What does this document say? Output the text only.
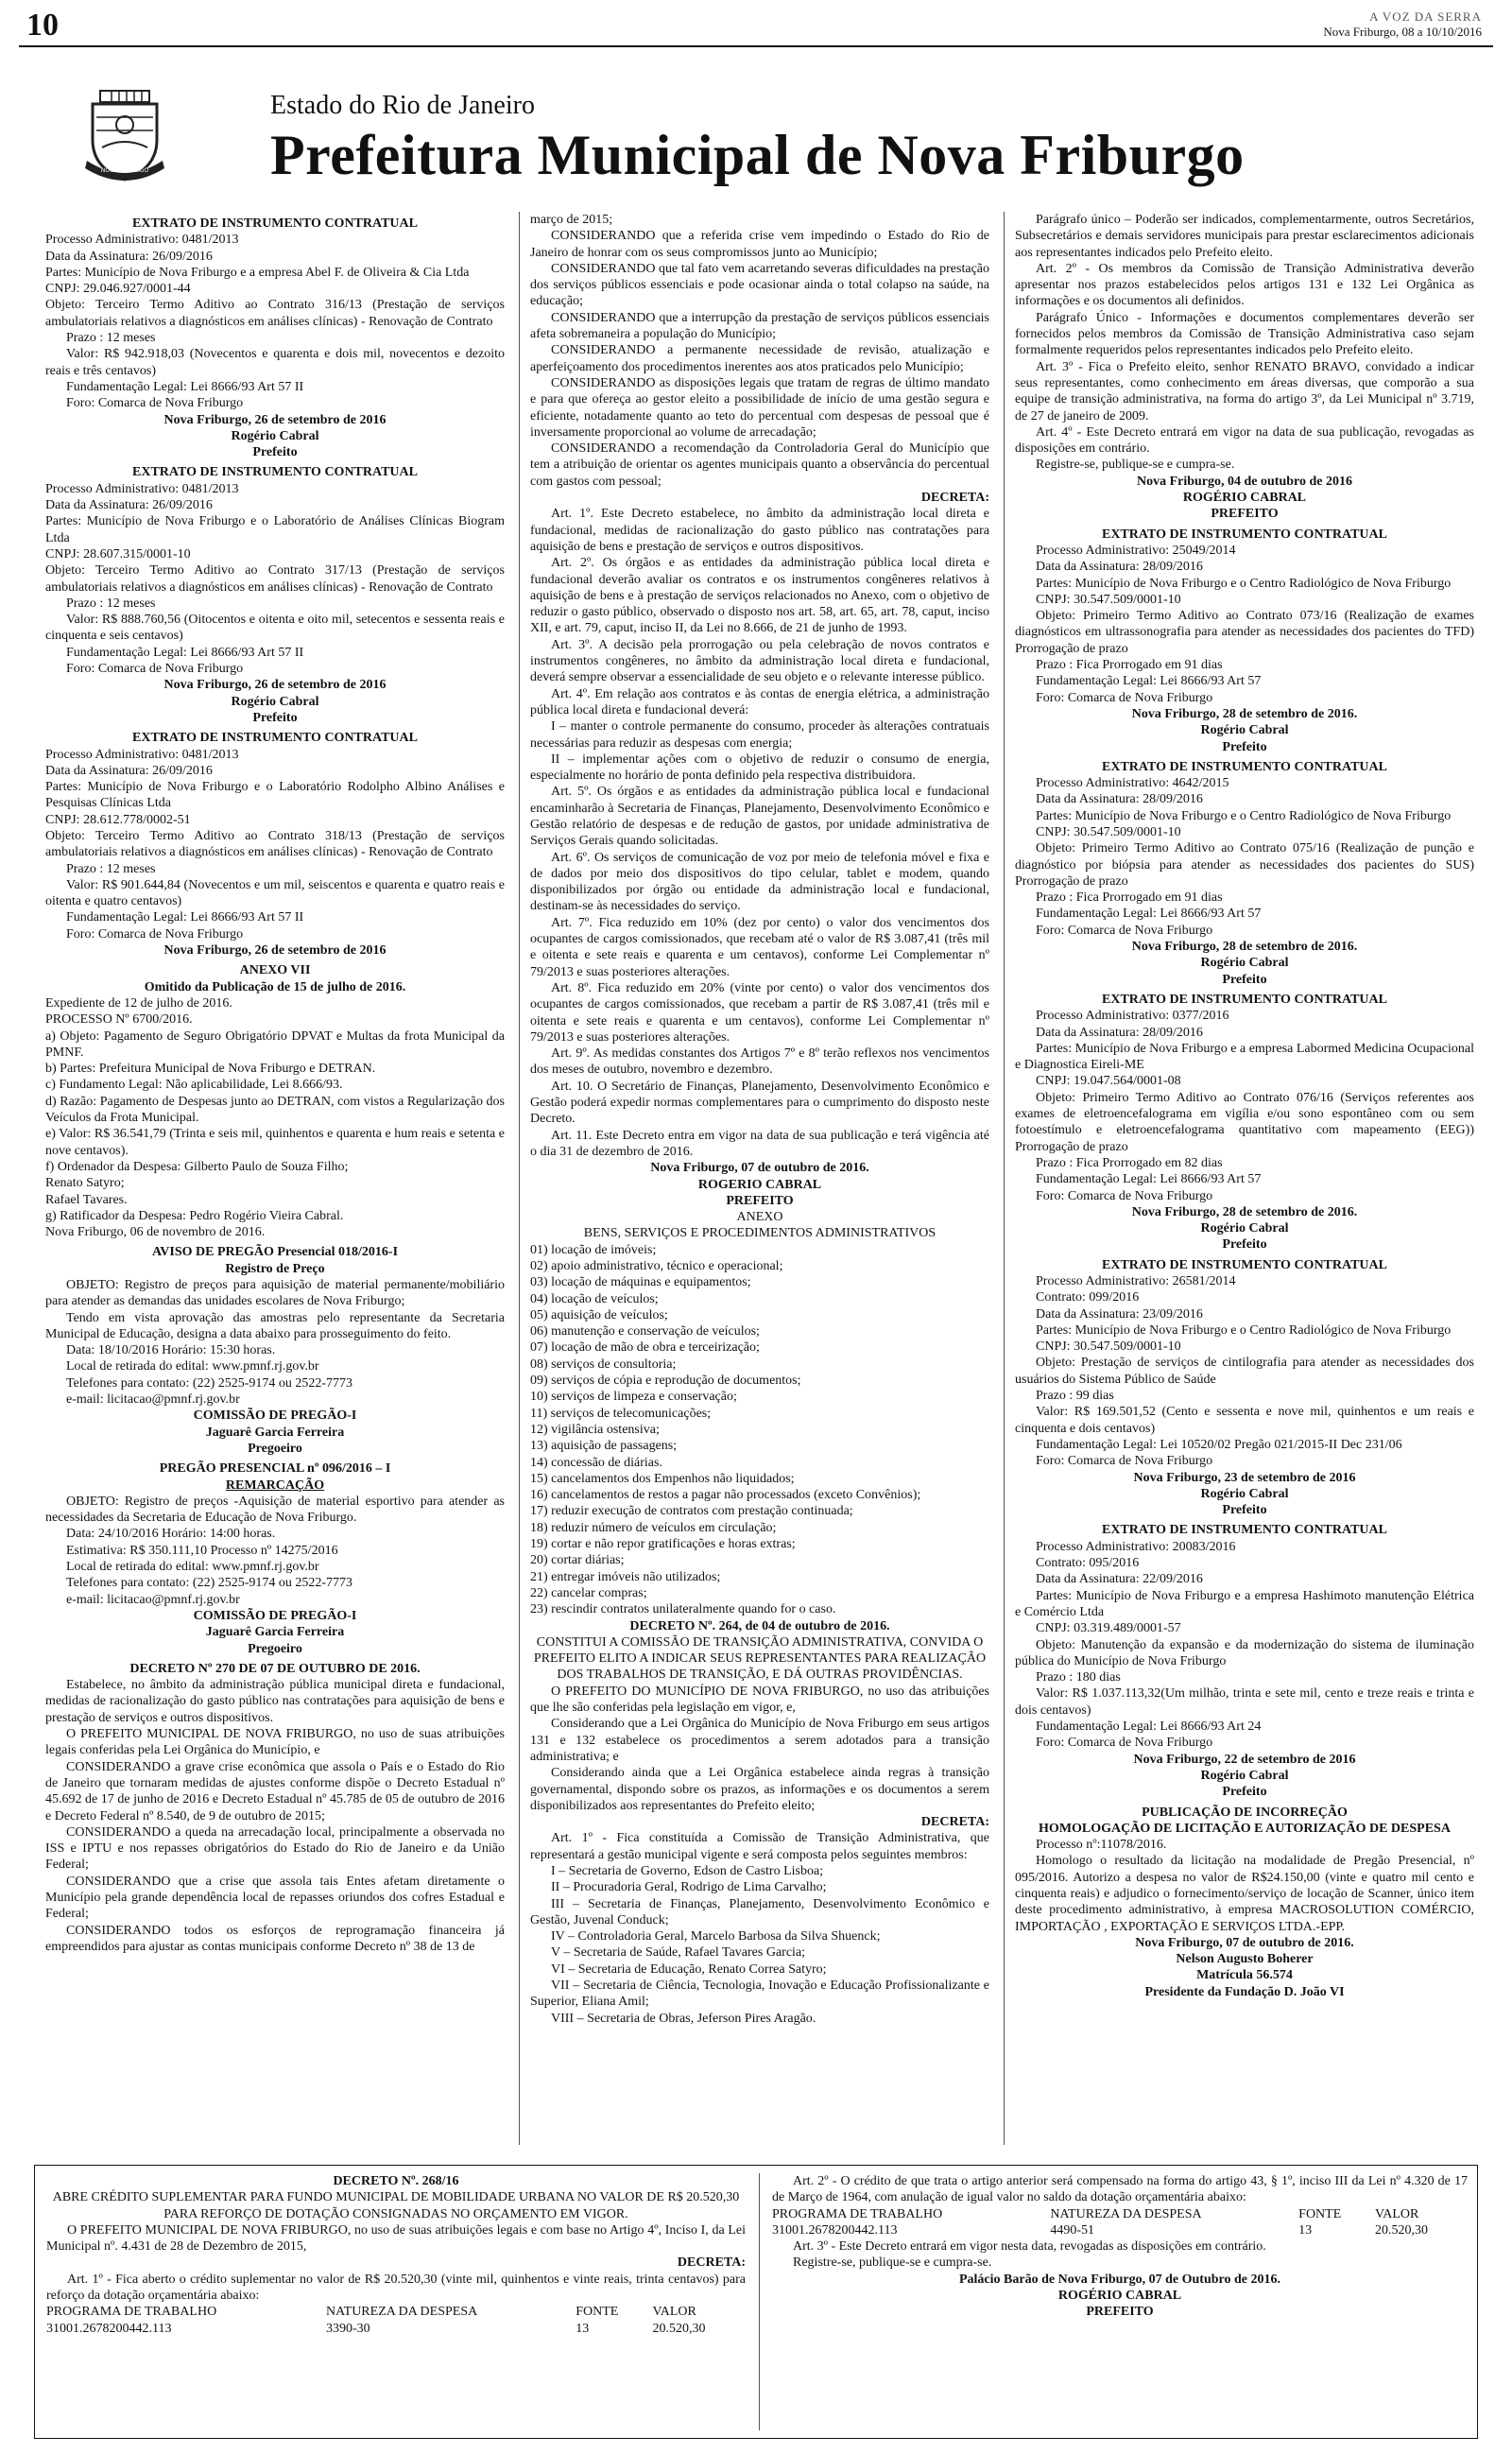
10	A VOZ DA SERRA
Nova Friburgo, 08 a 10/10/2016
NOVA FRIBURGO
Estado do Rio de Janeiro
Prefeitura Municipal de Nova Friburgo

EXTRATO DE INSTRUMENTO CONTRATUAL

Processo Administrativo: 0481/2013

Data da Assinatura: 26/09/2016

Partes: Município de Nova Friburgo e a empresa Abel F. de Oliveira & Cia Ltda

CNPJ: 29.046.927/0001-44

Objeto: Terceiro Termo Aditivo ao Contrato 316/13 (Prestação de serviços ambulatoriais relativos a diagnósticos em análises clínicas) - Renovação de Contrato

Prazo : 12 meses

Valor: R$ 942.918,03 (Novecentos e quarenta e dois mil, novecentos e dezoito reais e três centavos)

Fundamentação Legal: Lei 8666/93 Art 57 II

Foro: Comarca de Nova Friburgo

Nova Friburgo, 26 de setembro de 2016

Rogério Cabral

Prefeito

EXTRATO DE INSTRUMENTO CONTRATUAL

Processo Administrativo: 0481/2013

Data da Assinatura: 26/09/2016

Partes: Município de Nova Friburgo e o Laboratório de Análises Clínicas Biogram Ltda

CNPJ: 28.607.315/0001-10

Objeto: Terceiro Termo Aditivo ao Contrato 317/13 (Prestação de serviços ambulatoriais relativos a diagnósticos em análises clínicas) - Renovação de Contrato

Prazo : 12 meses

Valor: R$ 888.760,56 (Oitocentos e oitenta e oito mil, setecentos e sessenta reais e cinquenta e seis centavos)

Fundamentação Legal: Lei 8666/93 Art 57 II

Foro: Comarca de Nova Friburgo

Nova Friburgo, 26 de setembro de 2016

Rogério Cabral

Prefeito

EXTRATO DE INSTRUMENTO CONTRATUAL

Processo Administrativo: 0481/2013

Data da Assinatura: 26/09/2016

Partes: Município de Nova Friburgo e o Laboratório Rodolpho Albino Análises e Pesquisas Clínicas Ltda

CNPJ: 28.612.778/0002-51

Objeto: Terceiro Termo Aditivo ao Contrato 318/13 (Prestação de serviços ambulatoriais relativos a diagnósticos em análises clínicas) - Renovação de Contrato

Prazo : 12 meses

Valor: R$ 901.644,84 (Novecentos e um mil, seiscentos e quarenta e quatro reais e oitenta e quatro centavos)

Fundamentação Legal: Lei 8666/93 Art 57 II

Foro: Comarca de Nova Friburgo

Nova Friburgo, 26 de setembro de 2016

ANEXO VII

Omitido da Publicação de 15 de julho de 2016.

Expediente de 12 de julho de 2016.

PROCESSO Nº 6700/2016.

a) Objeto: Pagamento de Seguro Obrigatório DPVAT e Multas da frota Municipal da PMNF.

b) Partes: Prefeitura Municipal de Nova Friburgo e DETRAN.

c) Fundamento Legal: Não aplicabilidade, Lei 8.666/93.

d) Razão: Pagamento de Despesas junto ao DETRAN, com vistos a Regularização dos Veículos da Frota Municipal.

e) Valor: R$ 36.541,79 (Trinta e seis mil, quinhentos e quarenta e hum reais e setenta e nove centavos).

f) Ordenador da Despesa: Gilberto Paulo de Souza Filho;

Renato Satyro;

Rafael Tavares.

g) Ratificador da Despesa: Pedro Rogério Vieira Cabral.

Nova Friburgo, 06 de novembro de 2016.

AVISO DE PREGÃO Presencial 018/2016-I

Registro de Preço

OBJETO: Registro de preços para aquisição de material permanente/mobiliário para atender as demandas das unidades escolares de Nova Friburgo;

Tendo em vista aprovação das amostras pelo representante da Secretaria Municipal de Educação, designa a data abaixo para prosseguimento do feito.

Data: 18/10/2016 Horário: 15:30 horas.

Local de retirada do edital: www.pmnf.rj.gov.br

Telefones para contato: (22) 2525-9174 ou 2522-7773

e-mail: licitacao@pmnf.rj.gov.br

COMISSÃO DE PREGÃO-I

Jaguarê Garcia Ferreira

Pregoeiro

PREGÃO PRESENCIAL nº 096/2016 – I

REMARCAÇÃO

OBJETO: Registro de preços -Aquisição de material esportivo para atender as necessidades da Secretaria de Educação de Nova Friburgo.

Data: 24/10/2016 Horário: 14:00 horas.

Estimativa: R$ 350.111,10 Processo nº 14275/2016

Local de retirada do edital: www.pmnf.rj.gov.br

Telefones para contato: (22) 2525-9174 ou 2522-7773

e-mail: licitacao@pmnf.rj.gov.br

COMISSÃO DE PREGÃO-I

Jaguarê Garcia Ferreira

Pregoeiro

DECRETO Nº 270 DE 07 DE OUTUBRO DE 2016.

Estabelece, no âmbito da administração pública municipal direta e fundacional, medidas de racionalização do gasto público nas contratações para aquisição de bens e prestação de serviços e outros dispositivos.

O PREFEITO MUNICIPAL DE NOVA FRIBURGO, no uso de suas atribuições legais conferidas pela Lei Orgânica do Município, e

CONSIDERANDO a grave crise econômica que assola o País e o Estado do Rio de Janeiro que tornaram medidas de ajustes conforme dispõe o Decreto Estadual nº 45.692 de 17 de junho de 2016 e Decreto Estadual nº 45.785 de 05 de outubro de 2016 e Decreto Federal nº 8.540, de 9 de outubro de 2015;

CONSIDERANDO a queda na arrecadação local, principalmente a observada no ISS e IPTU e nos repasses obrigatórios do Estado do Rio de Janeiro e da União Federal;

CONSIDERANDO que a crise que assola tais Entes afetam diretamente o Município pela grande dependência local de repasses oriundos dos cofres Estadual e Federal;

CONSIDERANDO todos os esforços de reprogramação financeira já empreendidos para ajustar as contas municipais conforme Decreto nº 38 de 13 de

março de 2015;

CONSIDERANDO que a referida crise vem impedindo o Estado do Rio de Janeiro de honrar com os seus compromissos junto ao Município;

CONSIDERANDO que tal fato vem acarretando severas dificuldades na prestação dos serviços públicos essenciais e pode ocasionar ainda o total colapso na saúde, na educação;

CONSIDERANDO que a interrupção da prestação de serviços públicos essenciais afeta sobremaneira a população do Município;

CONSIDERANDO a permanente necessidade de revisão, atualização e aperfeiçoamento dos procedimentos inerentes aos atos praticados pelo Município;

CONSIDERANDO as disposições legais que tratam de regras de último mandato e para que ofereça ao gestor eleito a possibilidade de início de uma gestão segura e eficiente, notadamente quanto ao teto do percentual com despesas de pessoal que é inversamente proporcional ao volume de arrecadação;

CONSIDERANDO a recomendação da Controladoria Geral do Município que tem a atribuição de orientar os agentes municipais quanto a observância do percentual com gastos com pessoal;

DECRETA:

Art. 1º. Este Decreto estabelece, no âmbito da administração local direta e fundacional, medidas de racionalização do gasto público nas contratações para aquisição de bens e prestação de serviços e outros dispositivos.

Art. 2º. Os órgãos e as entidades da administração pública local direta e fundacional deverão avaliar os contratos e os instrumentos congêneres relativos à aquisição de bens e à prestação de serviços relacionados no Anexo, com o objetivo de reduzir o gasto público, observado o disposto nos art. 58, art. 65, art. 78, caput, inciso XII, e art. 79, caput, inciso II, da Lei no 8.666, de 21 de junho de 1993.

Art. 3º. A decisão pela prorrogação ou pela celebração de novos contratos e instrumentos congêneres, no âmbito da administração local direta e fundacional, deverá sempre observar a essencialidade de seu objeto e o relevante interesse público.

Art. 4º. Em relação aos contratos e às contas de energia elétrica, a administração pública local direta e fundacional deverá:

I – manter o controle permanente do consumo, proceder às alterações contratuais necessárias para reduzir as despesas com energia;

II – implementar ações com o objetivo de reduzir o consumo de energia, especialmente no horário de ponta definido pela respectiva distribuidora.

Art. 5º. Os órgãos e as entidades da administração pública local e fundacional encaminharão à Secretaria de Finanças, Planejamento, Desenvolvimento Econômico e Gestão relatório de despesas e de redução de gastos, por unidade administrativa de Serviços Gerais quando solicitadas.

Art. 6º. Os serviços de comunicação de voz por meio de telefonia móvel e fixa e de dados por meio dos dispositivos do tipo celular, tablet e modem, quando disponibilizados por órgão ou entidade da administração local e fundacional, destinam-se às necessidades do serviço.

Art. 7º. Fica reduzido em 10% (dez por cento) o valor dos vencimentos dos ocupantes de cargos comissionados, que recebam até o valor de R$ 3.087,41 (três mil e oitenta e sete reais e quarenta e um centavos), conforme Lei Complementar nº 79/2013 e suas posteriores alterações.

Art. 8º. Fica reduzido em 20% (vinte por cento) o valor dos vencimentos dos ocupantes de cargos comissionados, que recebam a partir de R$ 3.087,41 (três mil e oitenta e sete reais e quarenta e um centavos), conforme Lei Complementar nº 79/2013 e suas posteriores alterações.

Art. 9º. As medidas constantes dos Artigos 7º e 8º terão reflexos nos vencimentos dos meses de outubro, novembro e dezembro.

Art. 10. O Secretário de Finanças, Planejamento, Desenvolvimento Econômico e Gestão poderá expedir normas complementares para o cumprimento do disposto neste Decreto.

Art. 11. Este Decreto entra em vigor na data de sua publicação e terá vigência até o dia 31 de dezembro de 2016.

Nova Friburgo, 07 de outubro de 2016.

ROGERIO CABRAL

PREFEITO

ANEXO

BENS, SERVIÇOS E PROCEDIMENTOS ADMINISTRATIVOS

01) locação de imóveis;

02) apoio administrativo, técnico e operacional;

03) locação de máquinas e equipamentos;

04) locação de veículos;

05) aquisição de veículos;

06) manutenção e conservação de veículos;

07) locação de mão de obra e terceirização;

08) serviços de consultoria;

09) serviços de cópia e reprodução de documentos;

10) serviços de limpeza e conservação;

11) serviços de telecomunicações;

12) vigilância ostensiva;

13) aquisição de passagens;

14) concessão de diárias.

15) cancelamentos dos Empenhos não liquidados;

16) cancelamentos de restos a pagar não processados (exceto Convênios);

17) reduzir execução de contratos com prestação continuada;

18) reduzir número de veículos em circulação;

19) cortar e não repor gratificações e horas extras;

20) cortar diárias;

21) entregar imóveis não utilizados;

22) cancelar compras;

23) rescindir contratos unilateralmente quando for o caso.

DECRETO Nº. 264, de 04 de outubro de 2016.

CONSTITUI A COMISSÃO DE TRANSIÇÃO ADMINISTRATIVA, CONVIDA O PREFEITO ELITO A INDICAR SEUS REPRESENTANTES PARA REALIZAÇÃO DOS TRABALHOS DE TRANSIÇÃO, E DÁ OUTRAS PROVIDÊNCIAS.

O PREFEITO DO MUNICÍPIO DE NOVA FRIBURGO, no uso das atribuições que lhe são conferidas pela legislação em vigor, e,

Considerando que a Lei Orgânica do Município de Nova Friburgo em seus artigos 131 e 132 estabelece os procedimentos a serem adotados para a transição administrativa; e

Considerando ainda que a Lei Orgânica estabelece ainda regras à transição governamental, dispondo sobre os prazos, as informações e os documentos a serem disponibilizados aos representantes do Prefeito eleito;

DECRETA:

Art. 1º - Fica constituída a Comissão de Transição Administrativa, que representará a gestão municipal vigente e será composta pelos seguintes membros:

I – Secretaria de Governo, Edson de Castro Lisboa;

II – Procuradoria Geral, Rodrigo de Lima Carvalho;

III – Secretaria de Finanças, Planejamento, Desenvolvimento Econômico e Gestão, Juvenal Conduck;

IV – Controladoria Geral, Marcelo Barbosa da Silva Shuenck;

V – Secretaria de Saúde, Rafael Tavares Garcia;

VI – Secretaria de Educação, Renato Correa Satyro;

VII – Secretaria de Ciência, Tecnologia, Inovação e Educação Profissionalizante e Superior, Eliana Amil;

VIII – Secretaria de Obras, Jeferson Pires Aragão.

Parágrafo único – Poderão ser indicados, complementarmente, outros Secretários, Subsecretários e demais servidores municipais para prestar esclarecimentos adicionais aos representantes indicados pelo Prefeito eleito.

Art. 2º - Os membros da Comissão de Transição Administrativa deverão apresentar nos prazos estabelecidos pelos artigos 131 e 132 Lei Orgânica as informações e os documentos ali definidos.

Parágrafo Único - Informações e documentos complementares deverão ser fornecidos pelos membros da Comissão de Transição Administrativa caso sejam formalmente requeridos pelos representantes indicados pelo Prefeito eleito.

Art. 3º - Fica o Prefeito eleito, senhor RENATO BRAVO, convidado a indicar seus representantes, como conhecimento em áreas diversas, que comporão a sua equipe de transição administrativa, na forma do artigo 3º, da Lei Municipal nº 3.719, de 27 de janeiro de 2009.

Art. 4º - Este Decreto entrará em vigor na data de sua publicação, revogadas as disposições em contrário.

Registre-se, publique-se e cumpra-se.

Nova Friburgo, 04 de outubro de 2016

ROGÉRIO CABRAL

PREFEITO

EXTRATO DE INSTRUMENTO CONTRATUAL

Processo Administrativo: 25049/2014

Data da Assinatura: 28/09/2016

Partes: Município de Nova Friburgo e o Centro Radiológico de Nova Friburgo

CNPJ: 30.547.509/0001-10

Objeto: Primeiro Termo Aditivo ao Contrato 073/16 (Realização de exames diagnósticos em ultrassonografia para atender as necessidades dos pacientes do TFD) Prorrogação de prazo

Prazo : Fica Prorrogado em 91 dias

Fundamentação Legal: Lei 8666/93 Art 57

Foro: Comarca de Nova Friburgo

Nova Friburgo, 28 de setembro de 2016.

Rogério Cabral

Prefeito

EXTRATO DE INSTRUMENTO CONTRATUAL

Processo Administrativo: 4642/2015

Data da Assinatura: 28/09/2016

Partes: Município de Nova Friburgo e o Centro Radiológico de Nova Friburgo

CNPJ: 30.547.509/0001-10

Objeto: Primeiro Termo Aditivo ao Contrato 075/16 (Realização de punção e diagnóstico por biópsia para atender as necessidades dos pacientes do SUS) Prorrogação de prazo

Prazo : Fica Prorrogado em 91 dias

Fundamentação Legal: Lei 8666/93 Art 57

Foro: Comarca de Nova Friburgo

Nova Friburgo, 28 de setembro de 2016.

Rogério Cabral

Prefeito

EXTRATO DE INSTRUMENTO CONTRATUAL

Processo Administrativo: 0377/2016

Data da Assinatura: 28/09/2016

Partes: Município de Nova Friburgo e a empresa Labormed Medicina Ocupacional e Diagnostica Eireli-ME

CNPJ: 19.047.564/0001-08

Objeto: Primeiro Termo Aditivo ao Contrato 076/16 (Serviços referentes aos exames de eletroencefalograma em vigília e/ou sono espontâneo com ou sem fotoestímulo e eletroencefalograma quantitativo com mapeamento (EEG)) Prorrogação de prazo

Prazo : Fica Prorrogado em 82 dias

Fundamentação Legal: Lei 8666/93 Art 57

Foro: Comarca de Nova Friburgo

Nova Friburgo, 28 de setembro de 2016.

Rogério Cabral

Prefeito

EXTRATO DE INSTRUMENTO CONTRATUAL

Processo Administrativo: 26581/2014

Contrato: 099/2016

Data da Assinatura: 23/09/2016

Partes: Município de Nova Friburgo e o Centro Radiológico de Nova Friburgo

CNPJ: 30.547.509/0001-10

Objeto: Prestação de serviços de cintilografia para atender as necessidades dos usuários do Sistema Público de Saúde

Prazo : 99 dias

Valor: R$ 169.501,52 (Cento e sessenta e nove mil, quinhentos e um reais e cinquenta e dois centavos)

Fundamentação Legal: Lei 10520/02 Pregão 021/2015-II Dec 231/06

Foro: Comarca de Nova Friburgo

Nova Friburgo, 23 de setembro de 2016

Rogério Cabral

Prefeito

EXTRATO DE INSTRUMENTO CONTRATUAL

Processo Administrativo: 20083/2016

Contrato: 095/2016

Data da Assinatura: 22/09/2016

Partes: Município de Nova Friburgo e a empresa Hashimoto manutenção Elétrica e Comércio Ltda

CNPJ: 03.319.489/0001-57

Objeto: Manutenção da expansão e da modernização do sistema de iluminação pública do Município de Nova Friburgo

Prazo : 180 dias

Valor: R$ 1.037.113,32(Um milhão, trinta e sete mil, cento e treze reais e trinta e dois centavos)

Fundamentação Legal: Lei 8666/93 Art 24

Foro: Comarca de Nova Friburgo

Nova Friburgo, 22 de setembro de 2016

Rogério Cabral

Prefeito

PUBLICAÇÃO DE INCORREÇÃO

HOMOLOGAÇÃO DE LICITAÇÃO E AUTORIZAÇÃO DE DESPESA

Processo nº:11078/2016.

Homologo o resultado da licitação na modalidade de Pregão Presencial, nº 095/2016. Autorizo a despesa no valor de R$24.150,00 (vinte e quatro mil cento e cinquenta reais) e adjudico o fornecimento/serviço de locação de Scanner, único item deste procedimento administrativo, à empresa MACROSOLUTION COMÉRCIO, IMPORTAÇÃO , EXPORTAÇÃO E SERVIÇOS LTDA.-EPP.

Nova Friburgo, 07 de outubro de 2016.

Nelson Augusto Boherer

Matrícula 56.574

Presidente da Fundação D. João VI

DECRETO Nº. 268/16

ABRE CRÉDITO SUPLEMENTAR PARA FUNDO MUNICIPAL DE MOBILIDADE URBANA NO VALOR DE R$ 20.520,30 PARA REFORÇO DE DOTAÇÃO CONSIGNADAS NO ORÇAMENTO EM VIGOR.

O PREFEITO MUNICIPAL DE NOVA FRIBURGO, no uso de suas atribuições legais e com base no Artigo 4º, Inciso I, da Lei Municipal nº. 4.431 de 28 de Dezembro de 2015,

DECRETA:

Art. 1º - Fica aberto o crédito suplementar no valor de R$ 20.520,30 (vinte mil, quinhentos e vinte reais, trinta centavos) para reforço da dotação orçamentária abaixo:

PROGRAMA DE TRABALHO	NATUREZA DA DESPESA	FONTE	VALOR
31001.2678200442.113	3390-30	13	20.520,30

Art. 2º - O crédito de que trata o artigo anterior será compensado na forma do artigo 43, § 1º, inciso III da Lei nº 4.320 de 17 de Março de 1964, com anulação de igual valor no saldo da dotação orçamentária abaixo:

PROGRAMA DE TRABALHO	NATUREZA DA DESPESA	FONTE	VALOR
31001.2678200442.113	4490-51	13	20.520,30

Art. 3º - Este Decreto entrará em vigor nesta data, revogadas as disposições em contrário.

Registre-se, publique-se e cumpra-se.

Palácio Barão de Nova Friburgo, 07 de Outubro de 2016.

ROGÉRIO CABRAL

PREFEITO
